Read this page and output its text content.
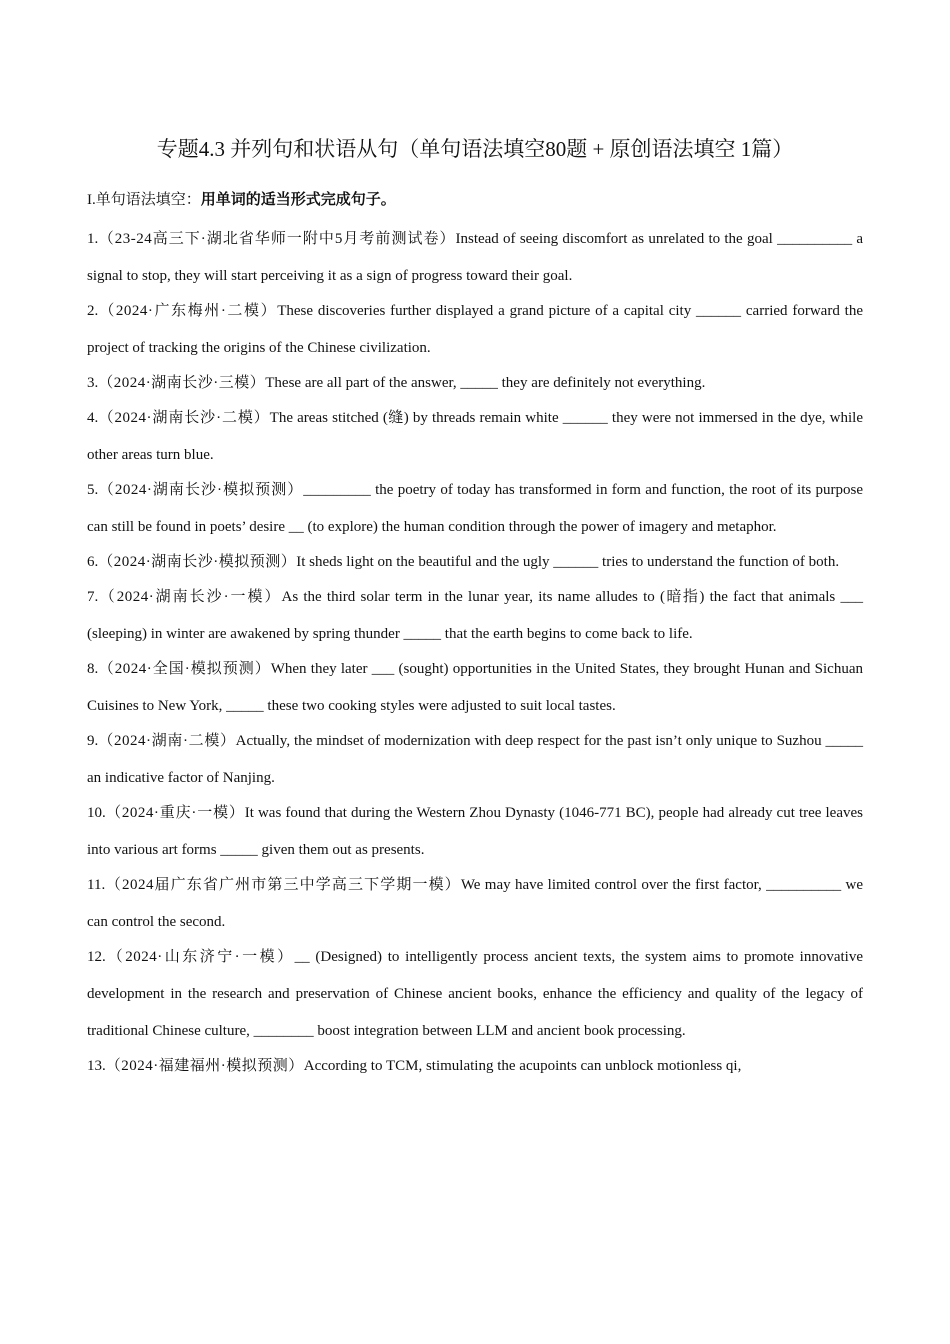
专题4.3 并列句和状语从句（单句语法填空80题 + 原创语法填空 1篇）
I.单句语法填空：用单词的适当形式完成句子。

1.（23-24高三下·湖北省华师一附中5月考前测试卷）Instead of seeing discomfort as unrelated to the goal __________ a signal to stop, they will start perceiving it as a sign of progress toward their goal.

2.（2024·广东梅州·二模）These discoveries further displayed a grand picture of a capital city ______ carried forward the project of tracking the origins of the Chinese civilization.

3.（2024·湖南长沙·三模）These are all part of the answer, _____ they are definitely not everything.

4.（2024·湖南长沙·二模）The areas stitched (缝) by threads remain white ______ they were not immersed in the dye, while other areas turn blue.

5.（2024·湖南长沙·模拟预测）_________ the poetry of today has transformed in form and function, the root of its purpose can still be found in poets’ desire __ (to explore) the human condition through the power of imagery and metaphor.

6.（2024·湖南长沙·模拟预测）It sheds light on the beautiful and the ugly ______ tries to understand the function of both.

7.（2024·湖南长沙·一模）As the third solar term in the lunar year, its name alludes to (暗指) the fact that animals ___ (sleeping) in winter are awakened by spring thunder _____ that the earth begins to come back to life.

8.（2024·全国·模拟预测）When they later ___ (sought) opportunities in the United States, they brought Hunan and Sichuan Cuisines to New York, _____ these two cooking styles were adjusted to suit local tastes.

9.（2024·湖南·二模）Actually, the mindset of modernization with deep respect for the past isn’t only unique to Suzhou _____ an indicative factor of Nanjing.

10.（2024·重庆·一模）It was found that during the Western Zhou Dynasty (1046-771 BC), people had already cut tree leaves into various art forms _____ given them out as presents.

11.（2024届广东省广州市第三中学高三下学期一模）We may have limited control over the first factor, __________ we can control the second.

12.（2024·山东济宁·一模）__ (Designed) to intelligently process ancient texts, the system aims to promote innovative development in the research and preservation of Chinese ancient books, enhance the efficiency and quality of the legacy of traditional Chinese culture, ________ boost integration between LLM and ancient book processing.

13.（2024·福建福州·模拟预测）According to TCM, stimulating the acupoints can unblock motionless qi,
